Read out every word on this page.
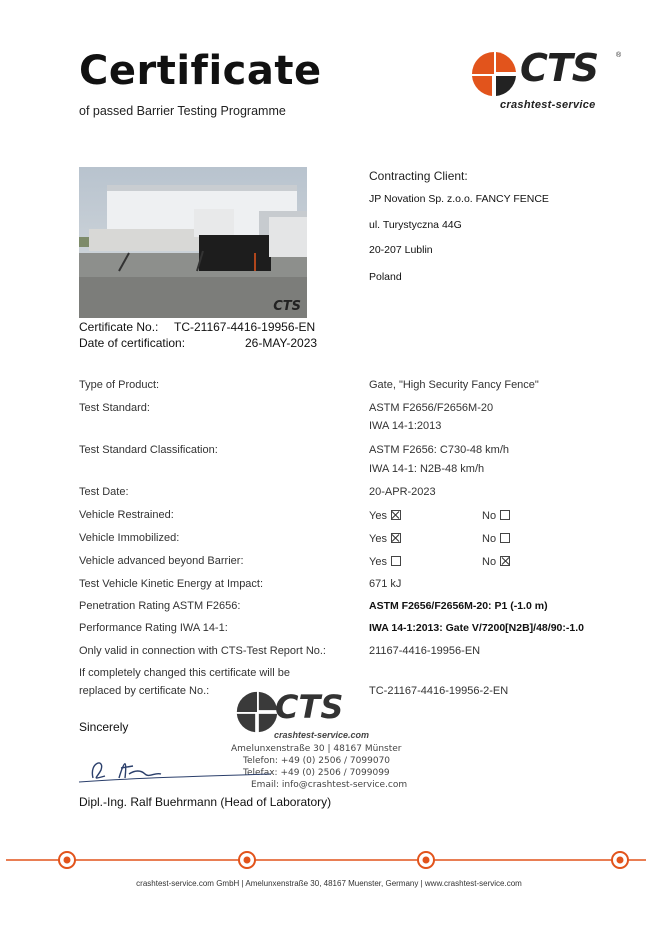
Certificate
of passed Barrier Testing Programme
CTS	®
crashtest-service
CTS
Contracting Client:
JP Novation Sp. z.o.o. FANCY FENCE
ul. Turystyczna 44G
20-207 Lublin
Poland
Certificate No.: TC-21167-4416-19956-EN
Date of certification:	26-MAY-2023
Type of Product:	Gate, "High Security Fancy Fence"
Test Standard:	ASTM F2656/F2656M-20
IWA 14-1:2013
Test Standard Classification:	ASTM F2656: C730-48 km/h
IWA 14-1: N2B-48 km/h
Test Date:	20-APR-2023
Vehicle Restrained:	Yes	No
Vehicle Immobilized:	Yes	No
Vehicle advanced beyond Barrier:	Yes	No
Test Vehicle Kinetic Energy at Impact:	671 kJ
Penetration Rating ASTM F2656:	ASTM F2656/F2656M-20: P1 (-1.0 m)
Performance Rating IWA 14-1:	IWA 14-1:2013: Gate V/7200[N2B]/48/90:-1.0
Only valid in connection with CTS-Test Report No.:	21167-4416-19956-EN
If completely changed this certificate will be
replaced by certificate No.:	TC-21167-4416-19956-2-EN
Sincerely
CTS
crashtest-service.com
Amelunxenstraße 30 | 48167 Münster
Telefon: +49 (0) 2506 / 7099070
Telefax: +49 (0) 2506 / 7099099
Email: info@crashtest-service.com
Dipl.-Ing. Ralf Buehrmann (Head of Laboratory)
crashtest-service.com GmbH | Amelunxenstraße 30, 48167 Muenster, Germany | www.crashtest-service.com
